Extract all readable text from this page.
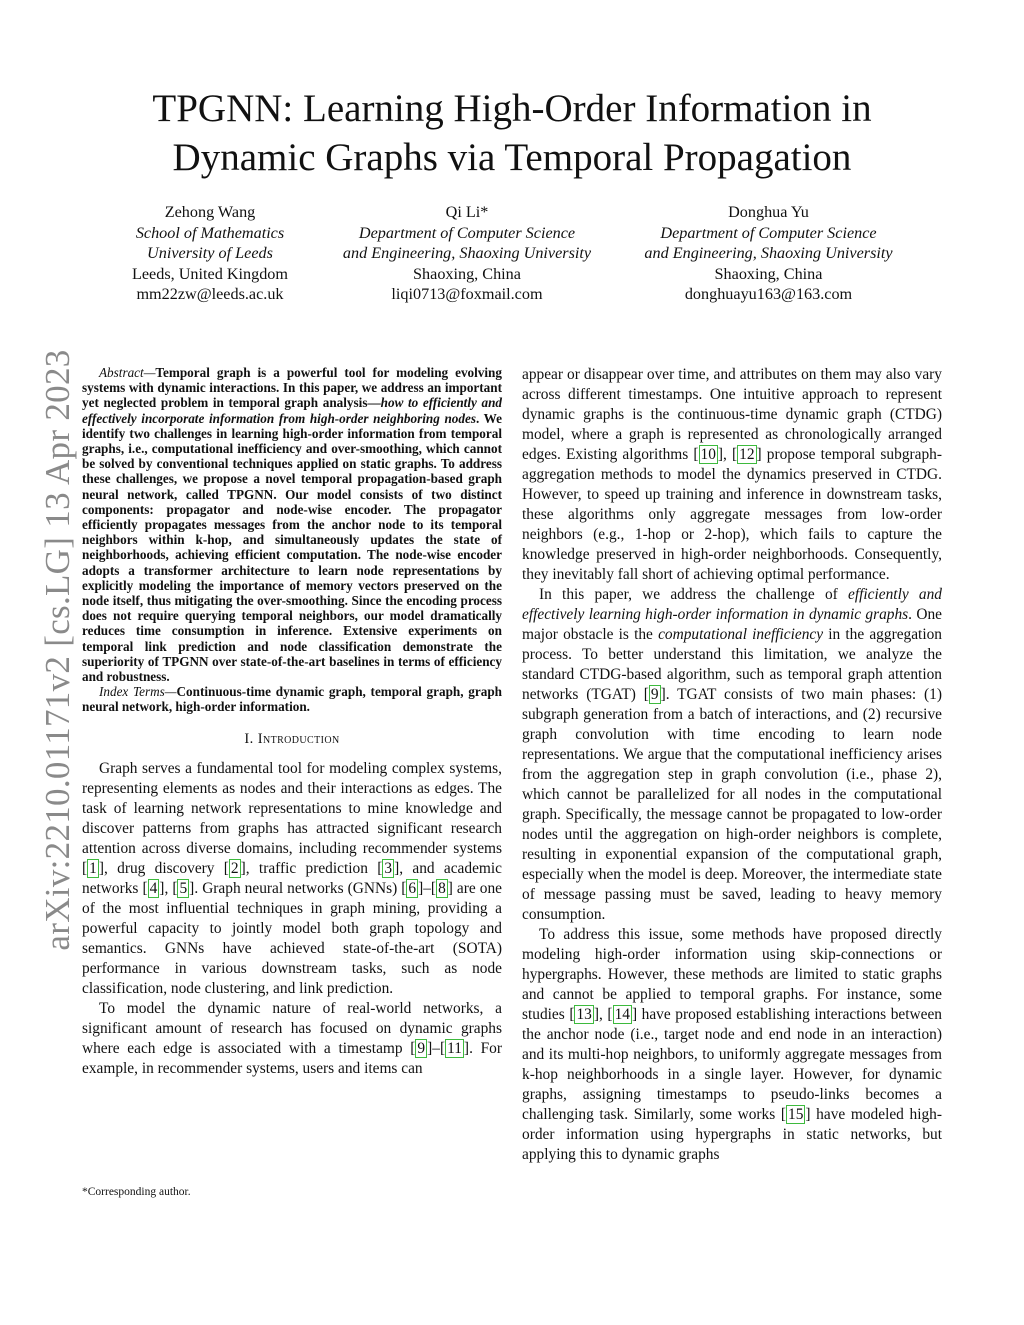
arXiv:2210.01171v2 [cs.LG] 13 Apr 2023
TPGNN: Learning High-Order Information in
Dynamic Graphs via Temporal Propagation
Zehong Wang
School of Mathematics
University of Leeds
Leeds, United Kingdom
mm22zw@leeds.ac.uk
Qi Li*
Department of Computer Science
and Engineering, Shaoxing University
Shaoxing, China
liqi0713@foxmail.com
Donghua Yu
Department of Computer Science
and Engineering, Shaoxing University
Shaoxing, China
donghuayu163@163.com

Abstract—Temporal graph is a powerful tool for modeling evolving systems with dynamic interactions. In this paper, we address an important yet neglected problem in temporal graph analysis—how to efficiently and effectively incorporate information from high-order neighboring nodes. We identify two challenges in learning high-order information from temporal graphs, i.e., computational inefficiency and over-smoothing, which cannot be solved by conventional techniques applied on static graphs. To address these challenges, we propose a novel temporal propagation-based graph neural network, called TPGNN. Our model consists of two distinct components: propagator and node-wise encoder. The propagator efficiently propagates messages from the anchor node to its temporal neighbors within k-hop, and simultaneously updates the state of neighborhoods, achieving efficient computation. The node-wise encoder adopts a transformer architecture to learn node representations by explicitly modeling the importance of memory vectors preserved on the node itself, thus mitigating the over-smoothing. Since the encoding process does not require querying temporal neighbors, our model dramatically reduces time consumption in inference. Extensive experiments on temporal link prediction and node classification demonstrate the superiority of TPGNN over state-of-the-art baselines in terms of efficiency and robustness.

Index Terms—Continuous-time dynamic graph, temporal graph, graph neural network, high-order information.

I. Introduction

Graph serves a fundamental tool for modeling complex systems, representing elements as nodes and their interactions as edges. The task of learning network representations to mine knowledge and discover patterns from graphs has attracted significant research attention across diverse domains, including recommender systems [ 1 ], drug discovery [ 2 ], traffic prediction [ 3 ], and academic networks [ 4 ], [ 5 ]. Graph neural networks (GNNs) [ 6 ]–[ 8 ] are one of the most influential techniques in graph mining, providing a powerful capacity to jointly model both graph topology and semantics. GNNs have achieved state-of-the-art (SOTA) performance in various downstream tasks, such as node classification, node clustering, and link prediction.

To model the dynamic nature of real-world networks, a significant amount of research has focused on dynamic graphs where each edge is associated with a timestamp [ 9 ]–[ 11 ]. For example, in recommender systems, users and items can

appear or disappear over time, and attributes on them may also vary across different timestamps. One intuitive approach to represent dynamic graphs is the continuous-time dynamic graph (CTDG) model, where a graph is represented as chronologically arranged edges. Existing algorithms [ 10 ], [ 12 ] propose temporal subgraph-aggregation methods to model the dynamics preserved in CTDG. However, to speed up training and inference in downstream tasks, these algorithms only aggregate messages from low-order neighbors (e.g., 1-hop or 2-hop), which fails to capture the knowledge preserved in high-order neighborhoods. Consequently, they inevitably fall short of achieving optimal performance.

In this paper, we address the challenge of efficiently and effectively learning high-order information in dynamic graphs. One major obstacle is the computational inefficiency in the aggregation process. To better understand this limitation, we analyze the standard CTDG-based algorithm, such as temporal graph attention networks (TGAT) [ 9 ]. TGAT consists of two main phases: (1) subgraph generation from a batch of interactions, and (2) recursive graph convolution with time encoding to learn node representations. We argue that the computational inefficiency arises from the aggregation step in graph convolution (i.e., phase 2), which cannot be parallelized for all nodes in the computational graph. Specifically, the message cannot be propagated to low-order nodes until the aggregation on high-order neighbors is complete, resulting in exponential expansion of the computational graph, especially when the model is deep. Moreover, the intermediate state of message passing must be saved, leading to heavy memory consumption.

To address this issue, some methods have proposed directly modeling high-order information using skip-connections or hypergraphs. However, these methods are limited to static graphs and cannot be applied to temporal graphs. For instance, some studies [ 13 ], [ 14 ] have proposed establishing interactions between the anchor node (i.e., target node and end node in an interaction) and its multi-hop neighbors, to uniformly aggregate messages from k-hop neighborhoods in a single layer. However, for dynamic graphs, assigning timestamps to pseudo-links becomes a challenging task. Similarly, some works [ 15 ] have modeled high-order information using hypergraphs in static networks, but applying this to dynamic graphs

*Corresponding author.
